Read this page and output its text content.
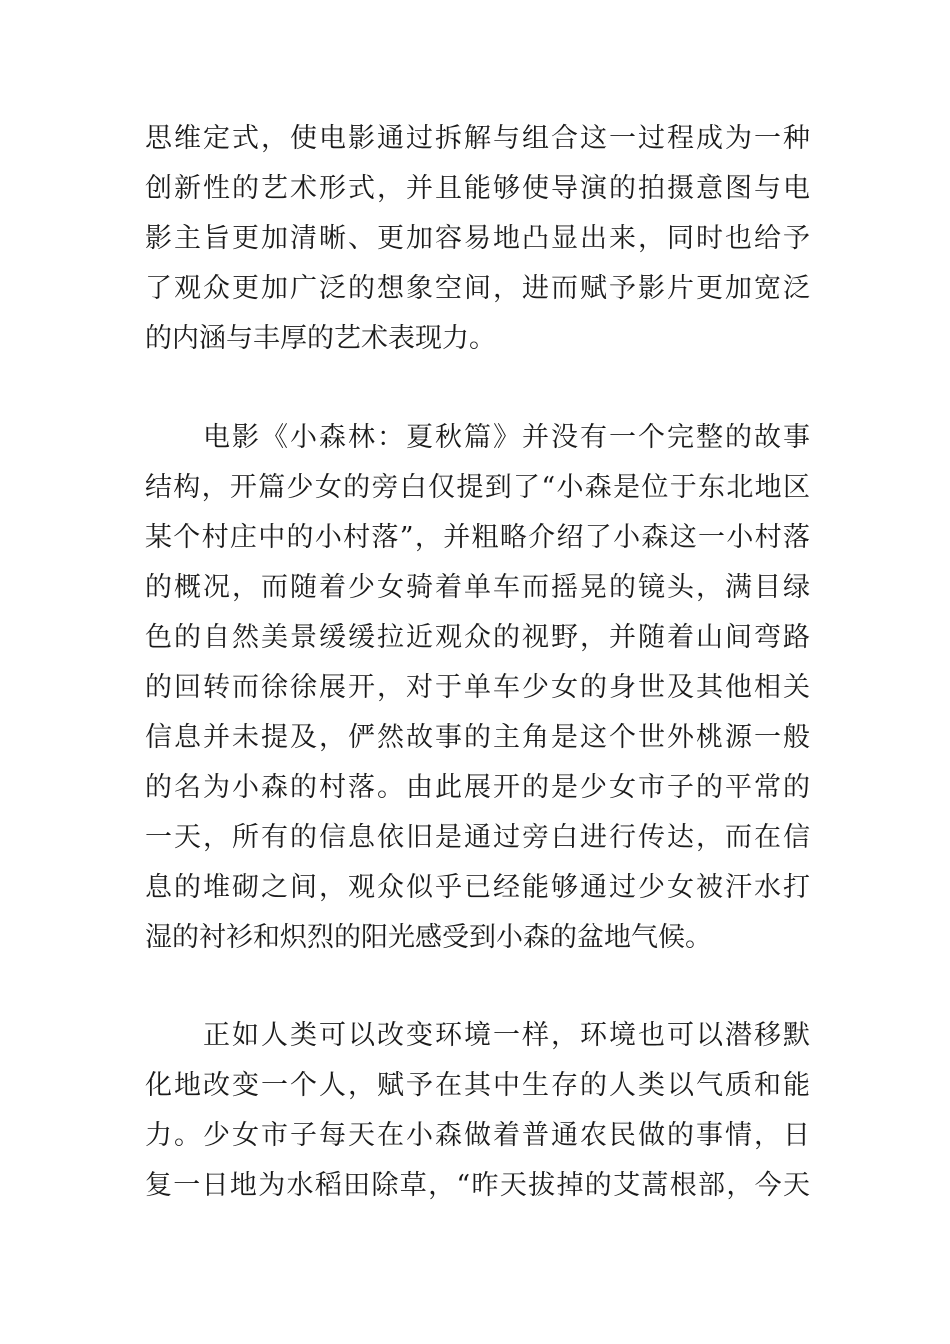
思维定式，使电影通过拆解与组合这一过程成为一种
创新性的艺术形式，并且能够使导演的拍摄意图与电
影主旨更加清晰、更加容易地凸显出来，同时也给予
了观众更加广泛的想象空间，进而赋予影片更加宽泛
的内涵与丰厚的艺术表现力。
电影《小森林：夏秋篇》并没有一个完整的故事
结构，开篇少女的旁白仅提到了“小森是位于东北地区
某个村庄中的小村落”，并粗略介绍了小森这一小村落
的概况，而随着少女骑着单车而摇晃的镜头，满目绿
色的自然美景缓缓拉近观众的视野，并随着山间弯路
的回转而徐徐展开，对于单车少女的身世及其他相关
信息并未提及，俨然故事的主角是这个世外桃源一般
的名为小森的村落。由此展开的是少女市子的平常的
一天，所有的信息依旧是通过旁白进行传达，而在信
息的堆砌之间，观众似乎已经能够通过少女被汗水打
湿的衬衫和炽烈的阳光感受到小森的盆地气候。
正如人类可以改变环境一样，环境也可以潜移默
化地改变一个人，赋予在其中生存的人类以气质和能
力。少女市子每天在小森做着普通农民做的事情，日
复一日地为水稻田除草，“昨天拔掉的艾蒿根部，今天
